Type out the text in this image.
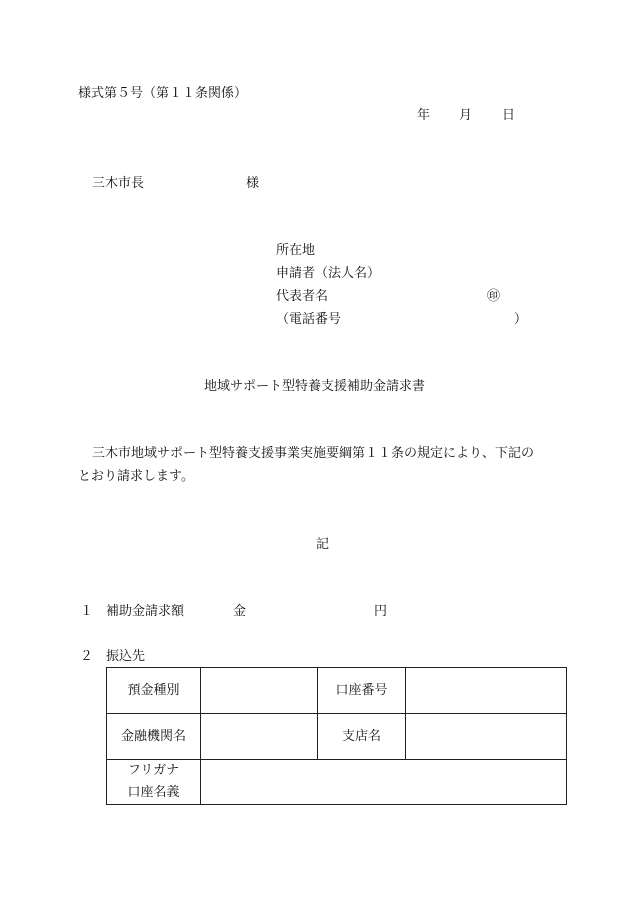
様式第５号（第１１条関係）
年 月 日
三木市長	様
所在地
申請者（法人名）
代表者名	㊞
（電話番号	）
地域サポート型特養支援補助金請求書
三木市地域サポート型特養支援事業実施要綱第１１条の規定により、下記の
とおり請求します。
記
１ 補助金請求額	金	円
２ 振込先
預金種別		口座番号	
金融機関名		支店名	

フリガナ
口座名義			
